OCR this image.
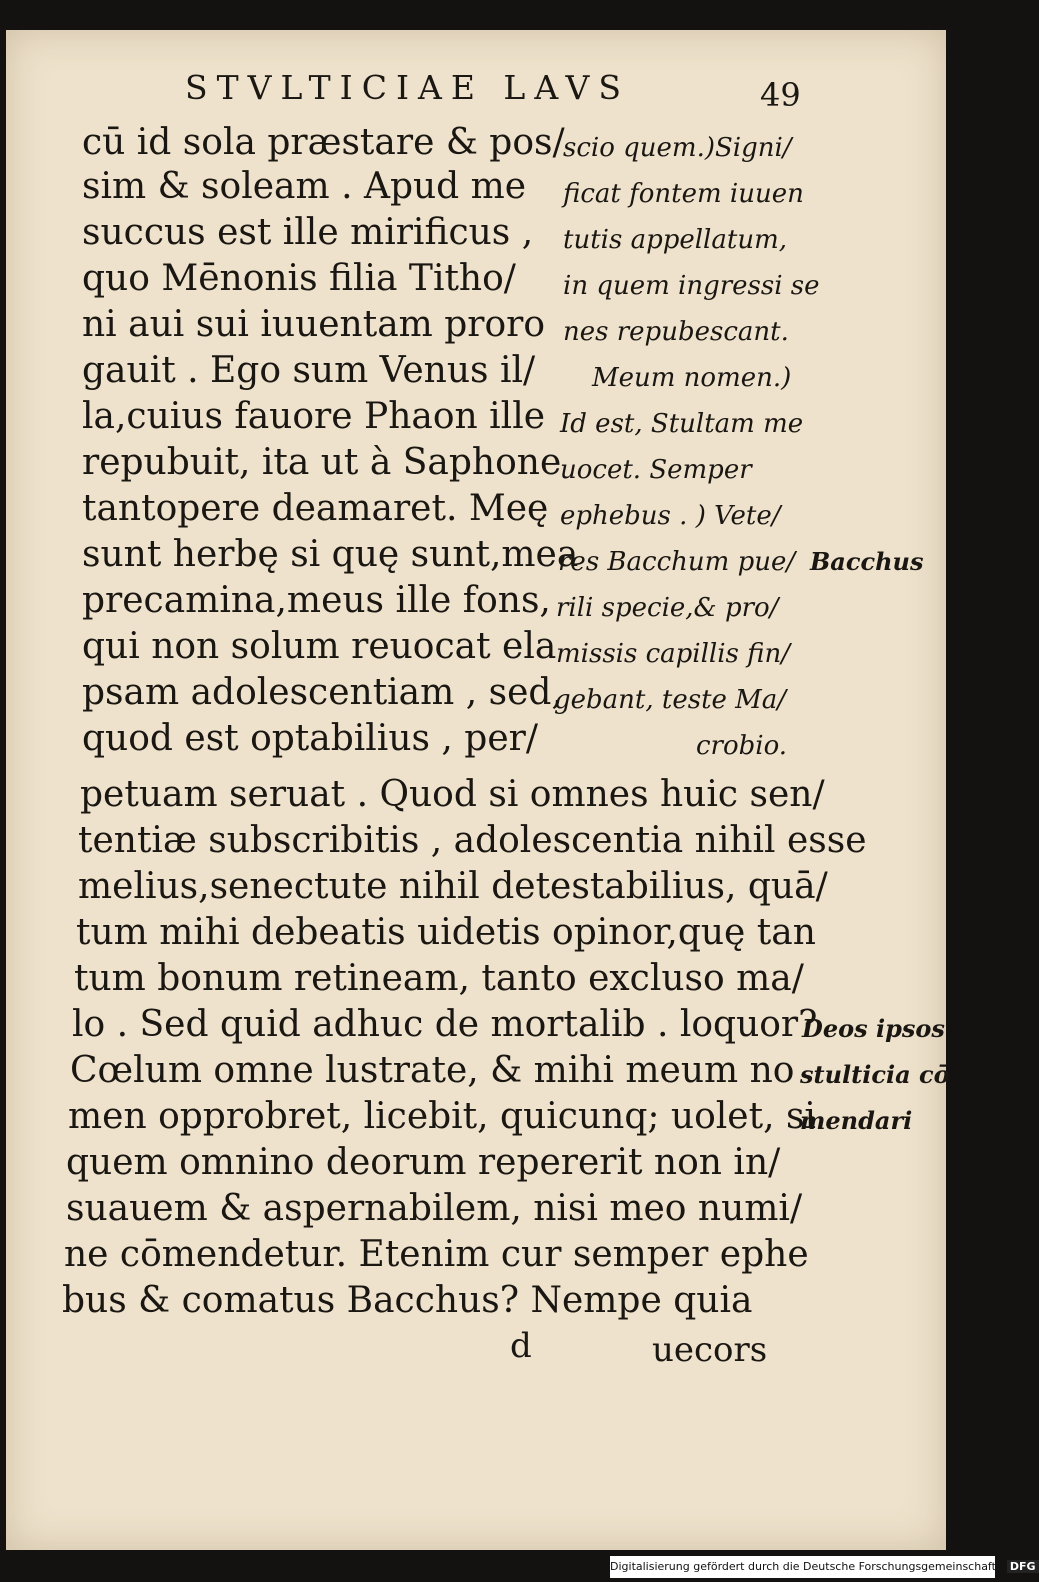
STVLTICIAE LAVS	49
cū id sola præstare & pos/
sim & soleam . Apud me
succus est ille mirificus ,
quo Mēnonis filia Titho/
ni aui sui iuuentam proro
gauit . Ego sum Venus il/
la,cuius fauore Phaon ille
repubuit, ita ut à Saphone
tantopere deamaret. Meę
sunt herbę si quę sunt,mea
precamina,meus ille fons,
qui non solum reuocat ela
psam adolescentiam , sed,
quod est optabilius , per/
petuam seruat . Quod si omnes huic sen/
tentiæ subscribitis , adolescentia nihil esse
melius,senectute nihil detestabilius, quā/
tum mihi debeatis uidetis opinor,quę tan
tum bonum retineam, tanto excluso ma/
lo . Sed quid adhuc de mortalib . loquor?
Cœlum omne lustrate, & mihi meum no
men opprobret, licebit, quicunq; uolet, si
quem omnino deorum repererit non in/
suauem & aspernabilem, nisi meo numi/
ne cōmendetur. Etenim cur semper ephe
bus & comatus Bacchus? Nempe quia
scio quem.)Signi/
ficat fontem iuuen
tutis appellatum,
in quem ingressi se
nes repubescant.
Meum nomen.)
Id est, Stultam me
uocet. Semper
ephebus . ) Vete/
res Bacchum pue/
rili specie,& pro/
missis capillis fin/
gebant, teste Ma/
crobio.
Bacchus
Deos ipsos
stulticia cō
mendari
d	uecors
Digitalisierung gefördert durch die Deutsche Forschungsgemeinschaft - DFG
